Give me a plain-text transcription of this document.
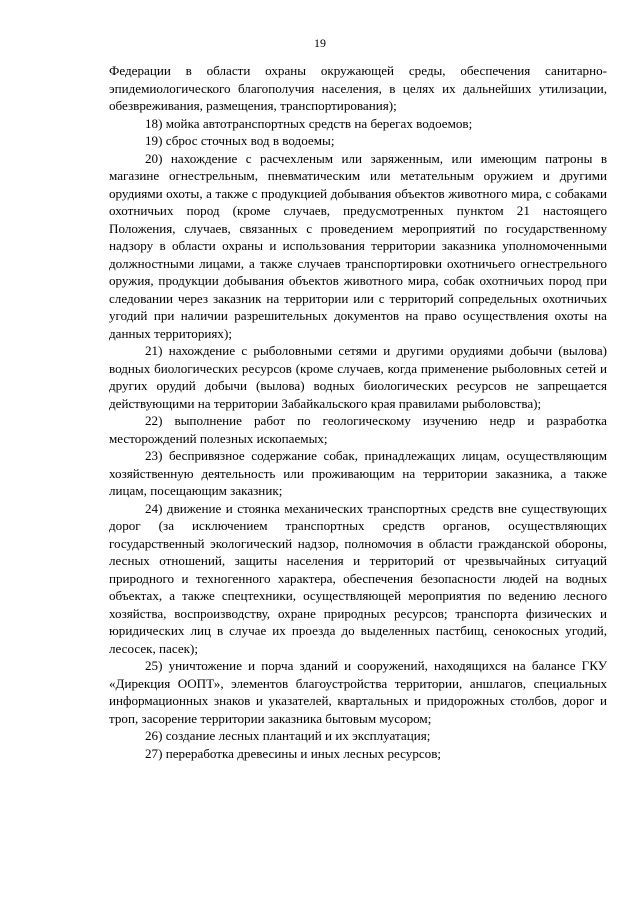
19

Федерации в области охраны окружающей среды, обеспечения санитарно-эпидемиологического благополучия населения, в целях их дальнейших утилизации, обезвреживания, размещения, транспортирования);

18) мойка автотранспортных средств на берегах водоемов;

19) сброс сточных вод в водоемы;

20) нахождение с расчехленым или заряженным, или имеющим патроны в магазине огнестрельным, пневматическим или метательным оружием и другими орудиями охоты, а также с продукцией добывания объектов животного мира, с собаками охотничьих пород (кроме случаев, предусмотренных пунктом 21 настоящего Положения, случаев, связанных с проведением мероприятий по государственному надзору в области охраны и использования территории заказника уполномоченными должностными лицами, а также случаев транспортировки охотничьего огнестрельного оружия, продукции добывания объектов животного мира, собак охотничьих пород при следовании через заказник на территории или с территорий сопредельных охотничьих угодий при наличии разрешительных документов на право осуществления охоты на данных территориях);

21) нахождение с рыболовными сетями и другими орудиями добычи (вылова) водных биологических ресурсов (кроме случаев, когда применение рыболовных сетей и других орудий добычи (вылова) водных биологических ресурсов не запрещается действующими на территории Забайкальского края правилами рыболовства);

22) выполнение работ по геологическому изучению недр и разработка месторождений полезных ископаемых;

23) беспривязное содержание собак, принадлежащих лицам, осуществляющим хозяйственную деятельность или проживающим на территории заказника, а также лицам, посещающим заказник;

24) движение и стоянка механических транспортных средств вне существующих дорог (за исключением транспортных средств органов, осуществляющих государственный экологический надзор, полномочия в области гражданской обороны, лесных отношений, защиты населения и территорий от чрезвычайных ситуаций природного и техногенного характера, обеспечения безопасности людей на водных объектах, а также спецтехники, осуществляющей мероприятия по ведению лесного хозяйства, воспроизводству, охране природных ресурсов; транспорта физических и юридических лиц в случае их проезда до выделенных пастбищ, сенокосных угодий, лесосек, пасек);

25) уничтожение и порча зданий и сооружений, находящихся на балансе ГКУ «Дирекция ООПТ», элементов благоустройства территории, аншлагов, специальных информационных знаков и указателей, квартальных и придорожных столбов, дорог и троп, засорение территории заказника бытовым мусором;

26) создание лесных плантаций и их эксплуатация;

27) переработка древесины и иных лесных ресурсов;
